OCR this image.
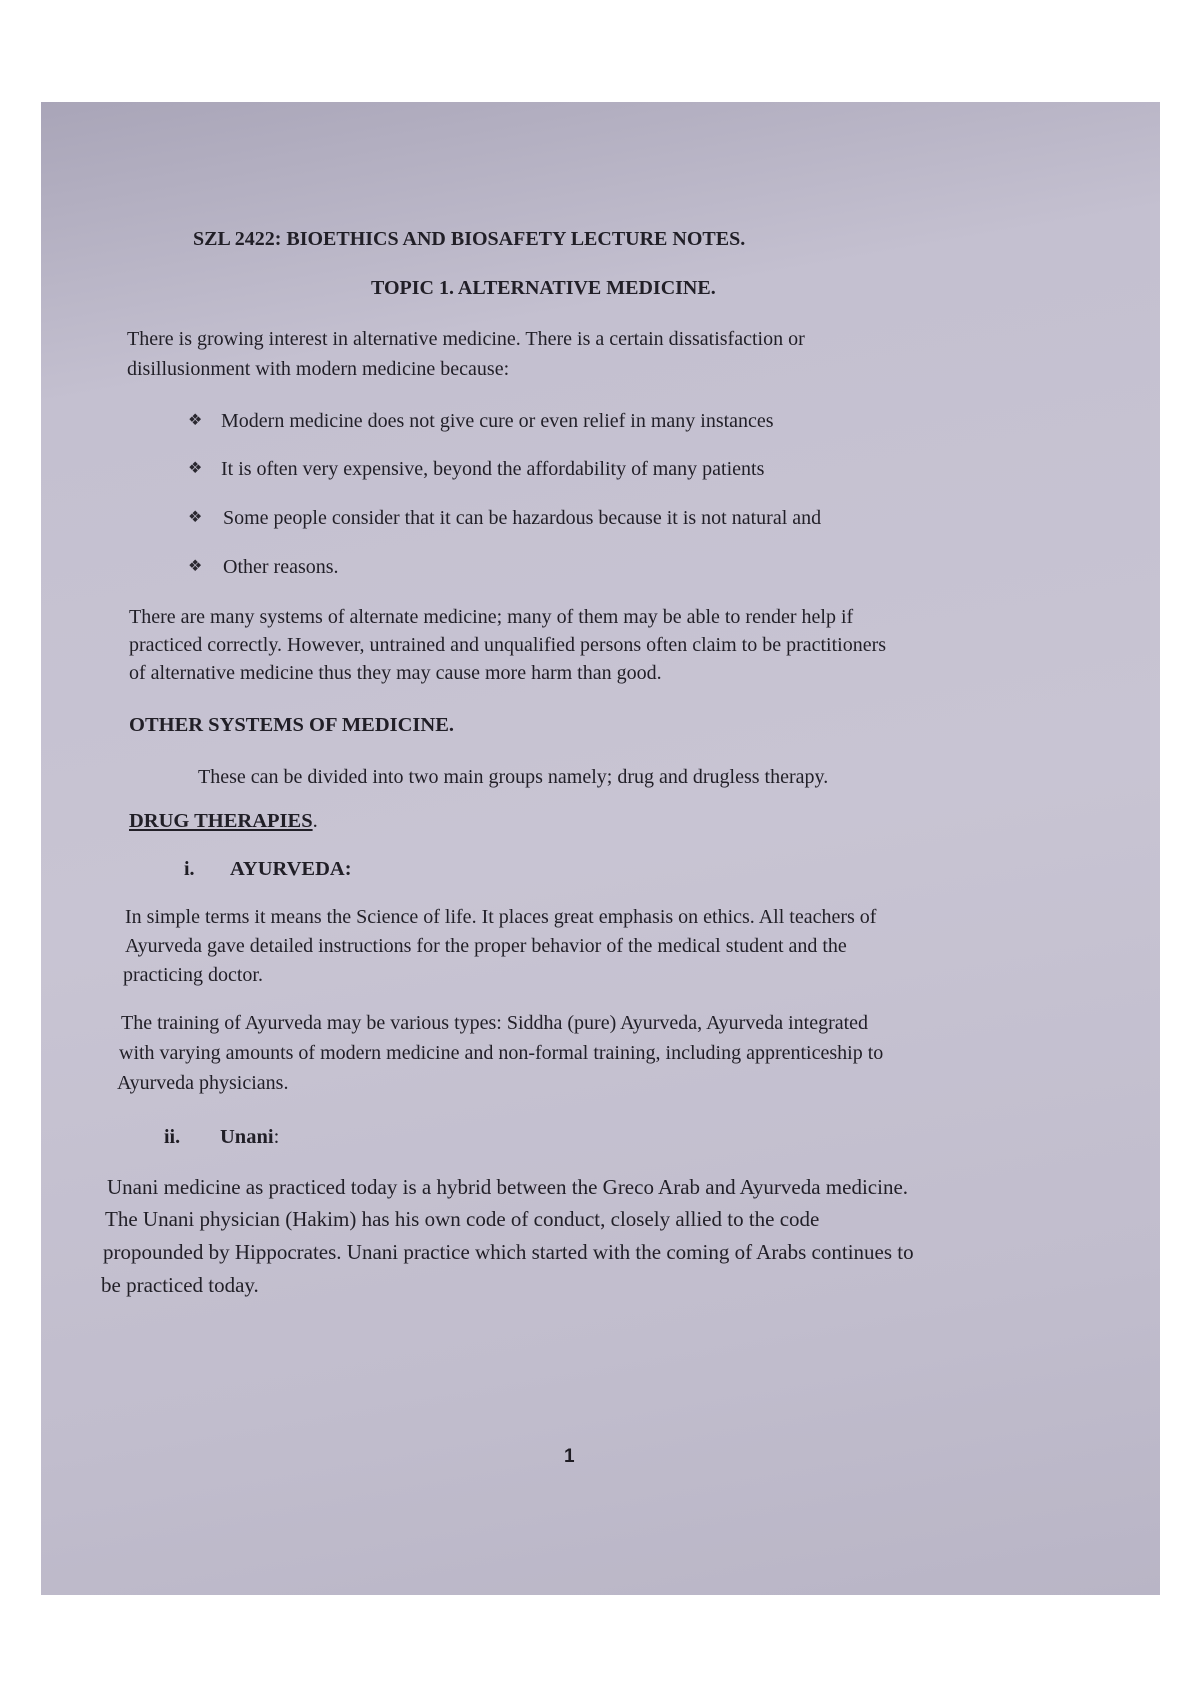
SZL 2422: BIOETHICS AND BIOSAFETY LECTURE NOTES.

TOPIC 1. ALTERNATIVE MEDICINE.

There is growing interest in alternative medicine. There is a certain dissatisfaction or

disillusionment with modern medicine because:

❖ Modern medicine does not give cure or even relief in many instances

❖ It is often very expensive, beyond the affordability of many patients

❖ Some people consider that it can be hazardous because it is not natural and

❖ Other reasons.

There are many systems of alternate medicine; many of them may be able to render help if

practiced correctly. However, untrained and unqualified persons often claim to be practitioners

of alternative medicine thus they may cause more harm than good.

OTHER SYSTEMS OF MEDICINE.

These can be divided into two main groups namely; drug and drugless therapy.

DRUG THERAPIES.

i. AYURVEDA:

In simple terms it means the Science of life. It places great emphasis on ethics. All teachers of

Ayurveda gave detailed instructions for the proper behavior of the medical student and the

practicing doctor.

The training of Ayurveda may be various types: Siddha (pure) Ayurveda, Ayurveda integrated

with varying amounts of modern medicine and non-formal training, including apprenticeship to

Ayurveda physicians.

ii. Unani:

Unani medicine as practiced today is a hybrid between the Greco Arab and Ayurveda medicine.

The Unani physician (Hakim) has his own code of conduct, closely allied to the code

propounded by Hippocrates. Unani practice which started with the coming of Arabs continues to

be practiced today.

1
